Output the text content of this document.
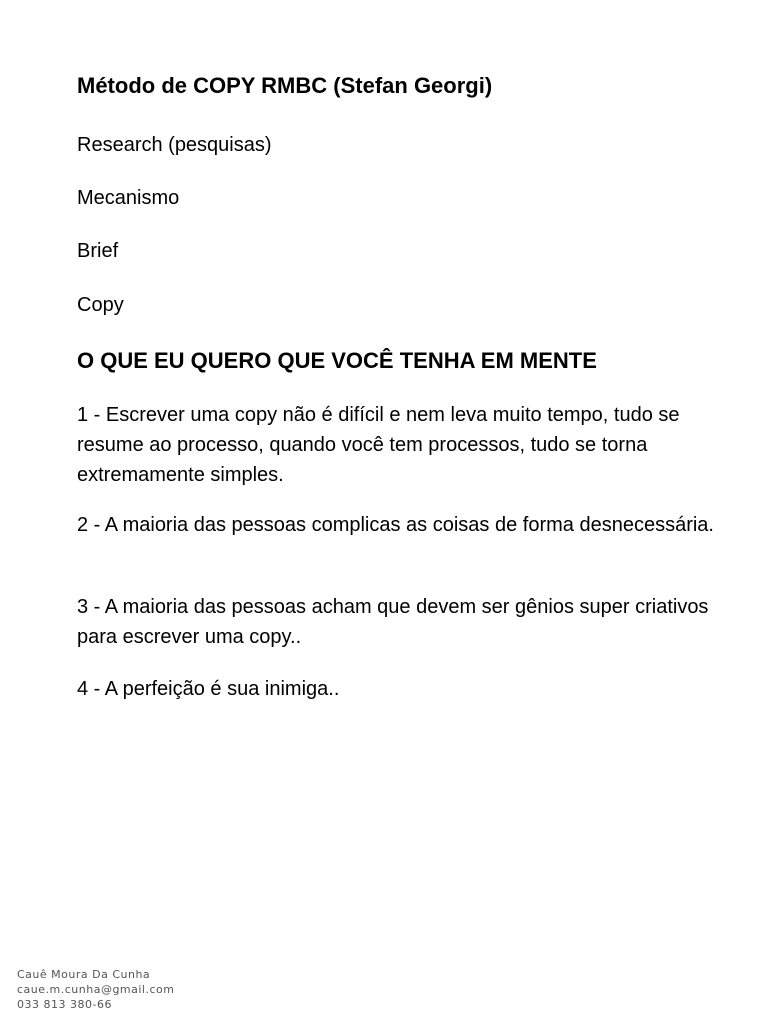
Método de COPY RMBC (Stefan Georgi)

Research (pesquisas)

Mecanismo

Brief

Copy

O QUE EU QUERO QUE VOCÊ TENHA EM MENTE

1 - Escrever uma copy não é difícil e nem leva muito tempo, tudo se resume ao processo, quando você tem processos, tudo se torna extremamente simples.

2 - A maioria das pessoas complicas as coisas de forma desnecessária.

3 - A maioria das pessoas acham que devem ser gênios super criativos para escrever uma copy..

4 - A perfeição é sua inimiga..

Cauê Moura Da Cunha
caue.m.cunha@gmail.com
033 813 380-66
